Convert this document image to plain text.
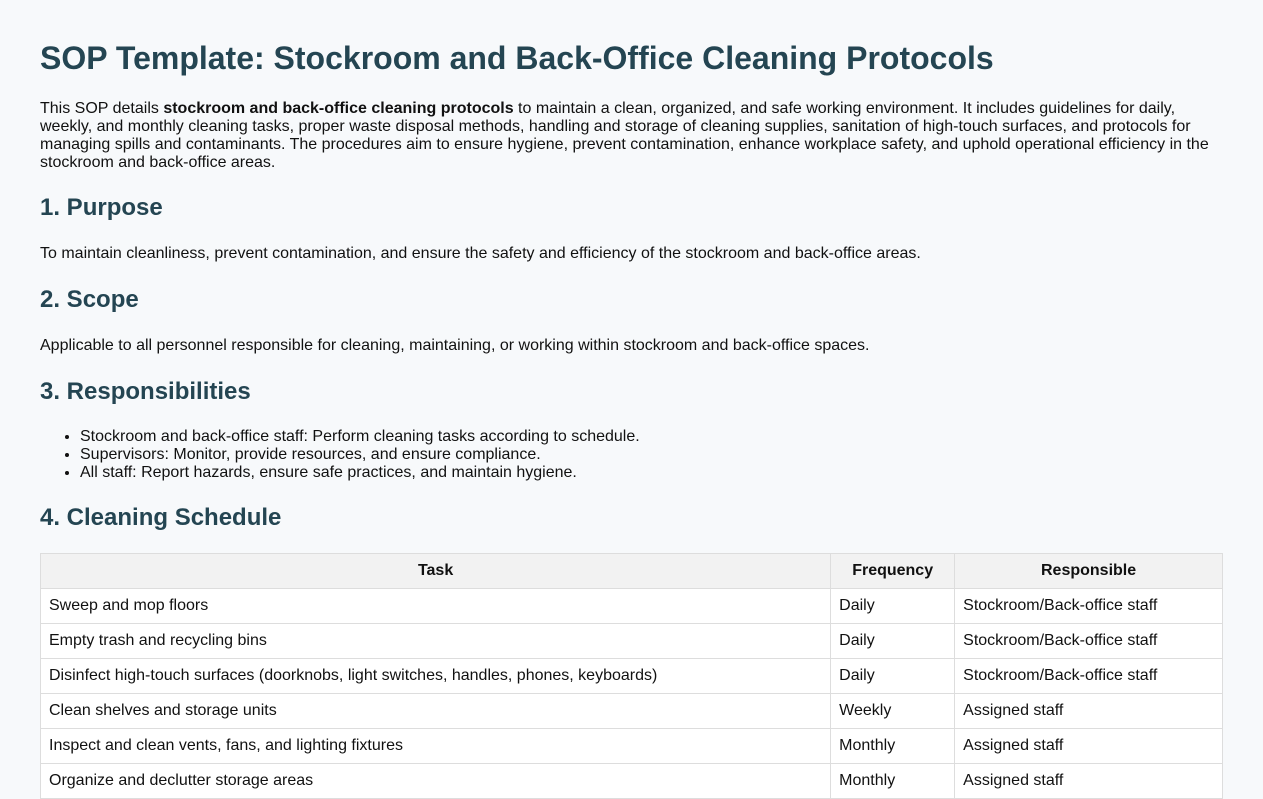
SOP Template: Stockroom and Back-Office Cleaning Protocols

This SOP details stockroom and back-office cleaning protocols to maintain a clean, organized, and safe working environment. It includes guidelines for daily, weekly, and monthly cleaning tasks, proper waste disposal methods, handling and storage of cleaning supplies, sanitation of high-touch surfaces, and protocols for managing spills and contaminants. The procedures aim to ensure hygiene, prevent contamination, enhance workplace safety, and uphold operational efficiency in the stockroom and back-office areas.

1. Purpose

To maintain cleanliness, prevent contamination, and ensure the safety and efficiency of the stockroom and back-office areas.

2. Scope

Applicable to all personnel responsible for cleaning, maintaining, or working within stockroom and back-office spaces.

3. Responsibilities
• Stockroom and back-office staff: Perform cleaning tasks according to schedule.
• Supervisors: Monitor, provide resources, and ensure compliance.
• All staff: Report hazards, ensure safe practices, and maintain hygiene.
4. Cleaning Schedule
Task	Frequency	Responsible
Sweep and mop floors	Daily	Stockroom/Back-office staff
Empty trash and recycling bins	Daily	Stockroom/Back-office staff
Disinfect high-touch surfaces (doorknobs, light switches, handles, phones, keyboards)	Daily	Stockroom/Back-office staff
Clean shelves and storage units	Weekly	Assigned staff
Inspect and clean vents, fans, and lighting fixtures	Monthly	Assigned staff
Organize and declutter storage areas	Monthly	Assigned staff
